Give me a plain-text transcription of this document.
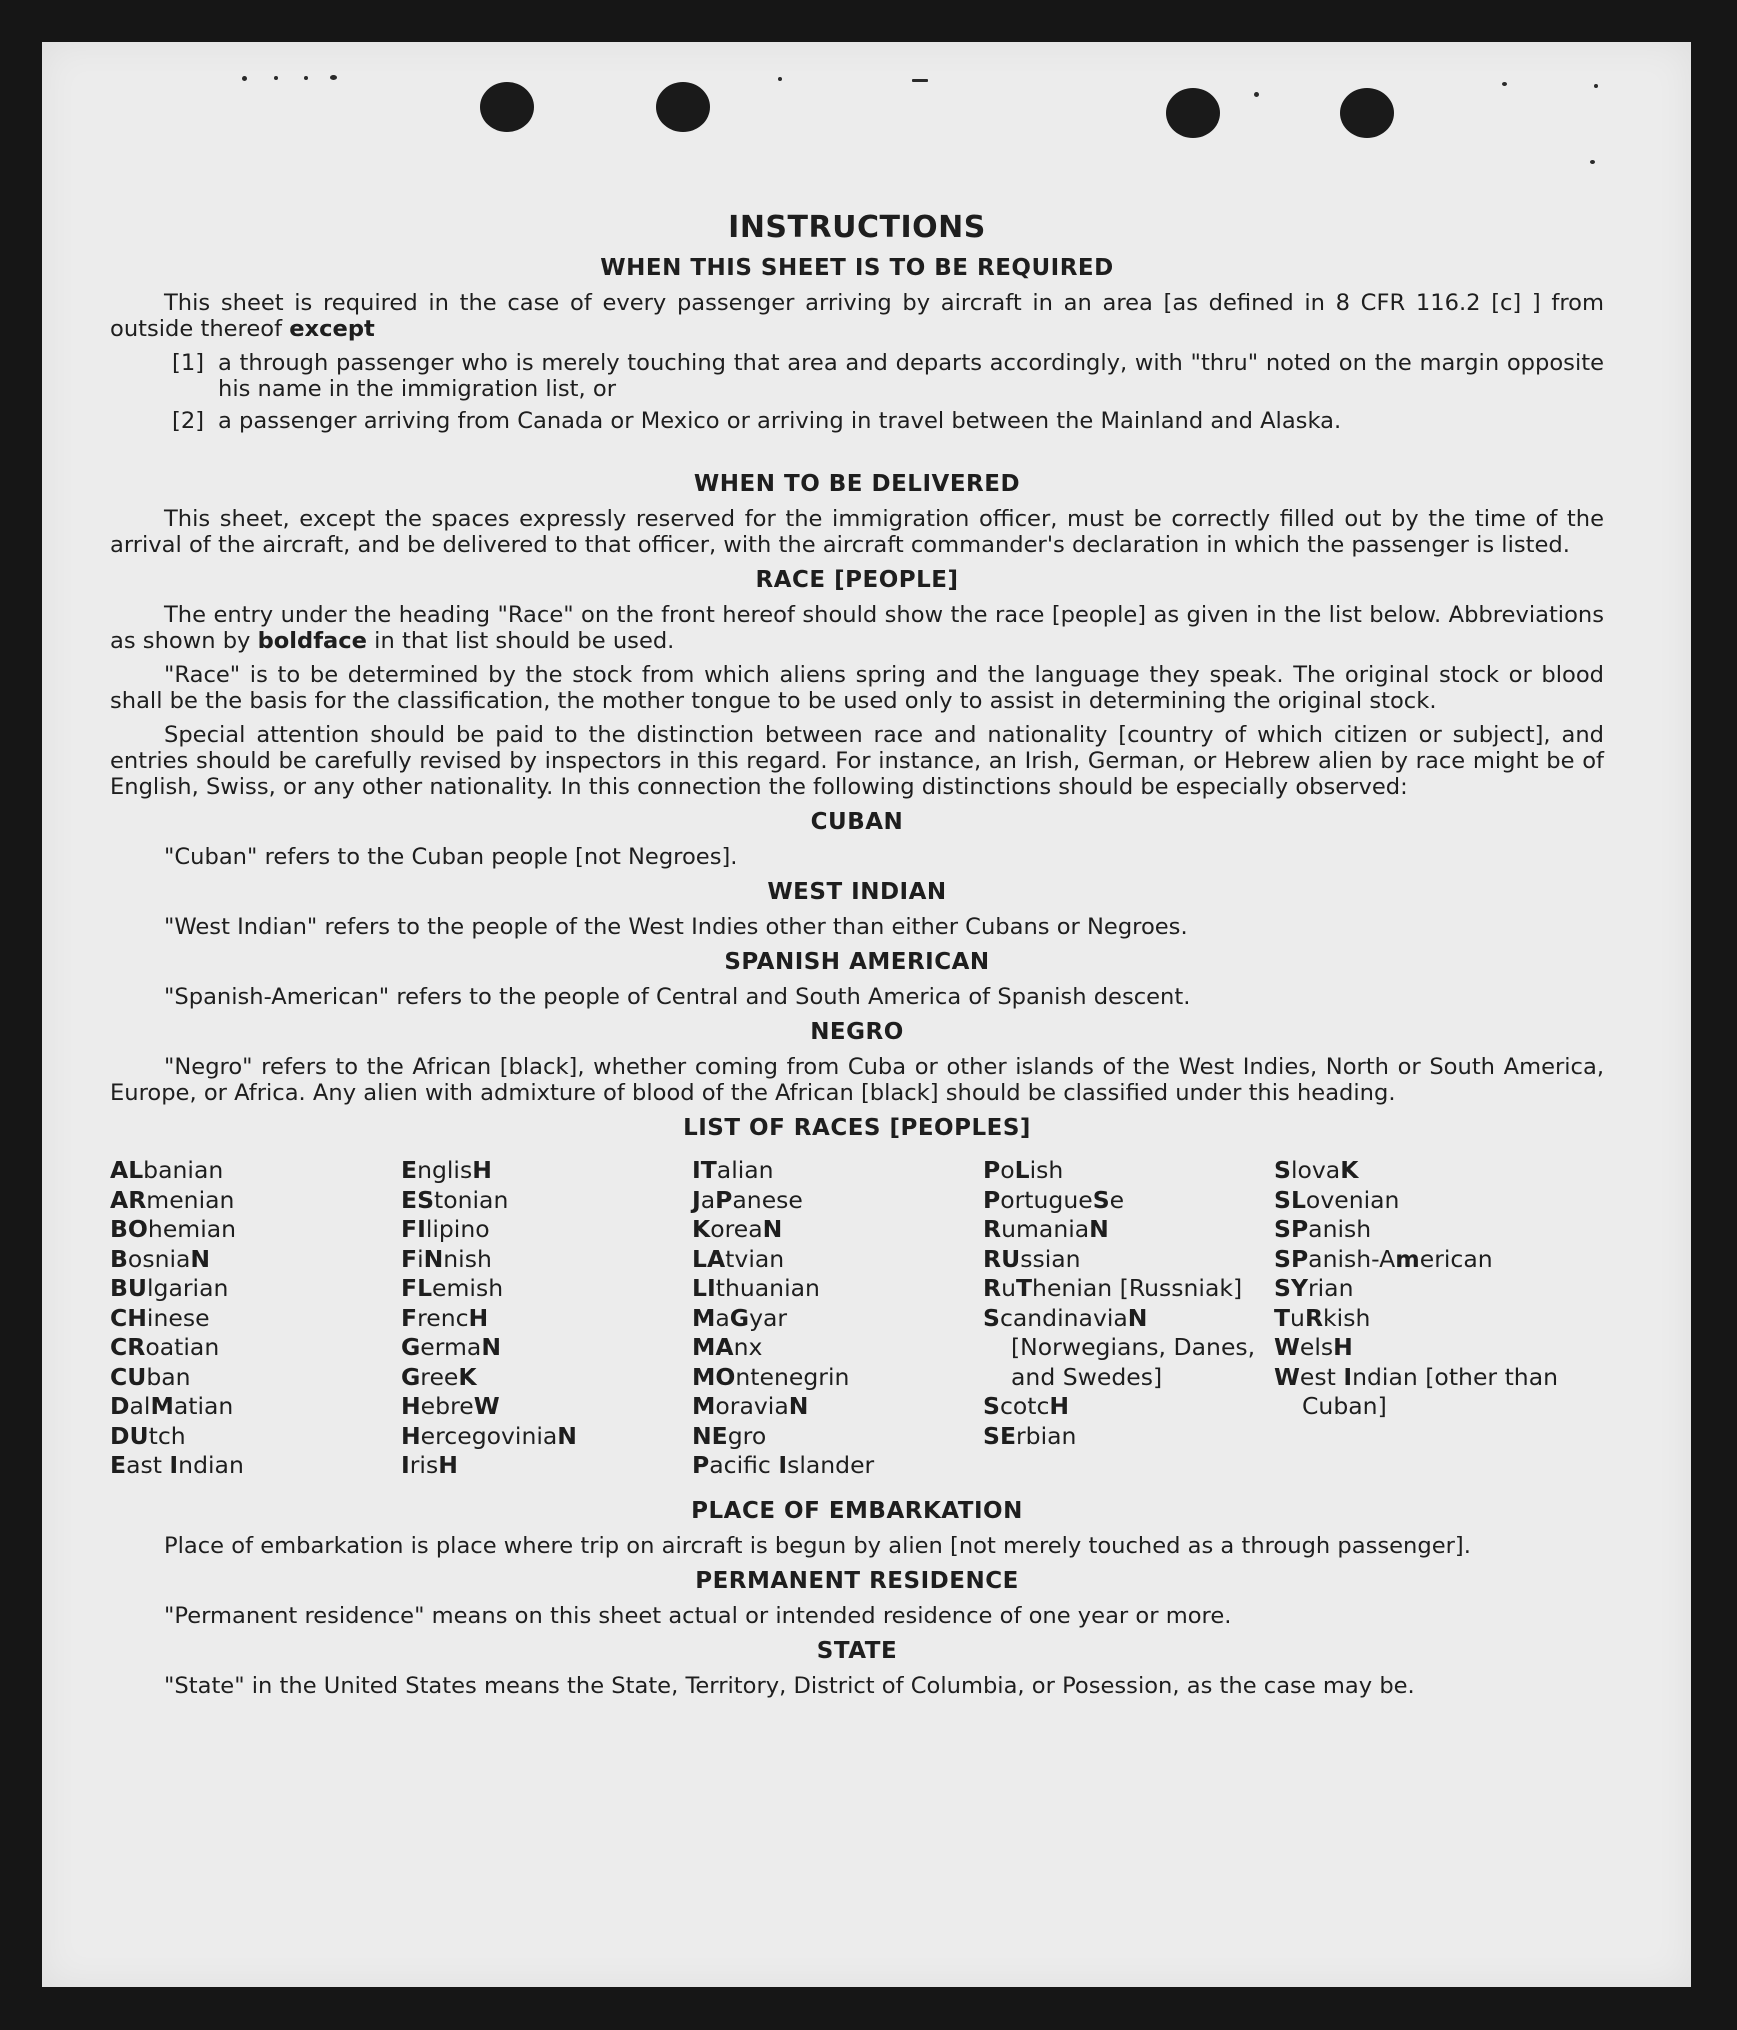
INSTRUCTIONS
WHEN THIS SHEET IS TO BE REQUIRED

This sheet is required in the case of every passenger arriving by aircraft in an area [as defined in 8 CFR 116.2 [c] ] from outside thereof except

[1] a through passenger who is merely touching that area and departs accordingly, with "thru" noted on the margin opposite his name in the immigration list, or
[2] a passenger arriving from Canada or Mexico or arriving in travel between the Mainland and Alaska.
WHEN TO BE DELIVERED

This sheet, except the spaces expressly reserved for the immigration officer, must be correctly filled out by the time of the arrival of the aircraft, and be delivered to that officer, with the aircraft commander's declaration in which the passenger is listed.

RACE [PEOPLE]

The entry under the heading "Race" on the front hereof should show the race [people] as given in the list below. Abbreviations as shown by boldface in that list should be used.

"Race" is to be determined by the stock from which aliens spring and the language they speak. The original stock or blood shall be the basis for the classification, the mother tongue to be used only to assist in determining the original stock.

Special attention should be paid to the distinction between race and nationality [country of which citizen or subject], and entries should be carefully revised by inspectors in this regard. For instance, an Irish, German, or Hebrew alien by race might be of English, Swiss, or any other nationality. In this connection the following distinctions should be especially observed:

CUBAN

"Cuban" refers to the Cuban people [not Negroes].

WEST INDIAN

"West Indian" refers to the people of the West Indies other than either Cubans or Negroes.

SPANISH AMERICAN

"Spanish-American" refers to the people of Central and South America of Spanish descent.

NEGRO

"Negro" refers to the African [black], whether coming from Cuba or other islands of the West Indies, North or South America, Europe, or Africa. Any alien with admixture of blood of the African [black] should be classified under this heading.

LIST OF RACES [PEOPLES]
ALbanian
ARmenian
BOhemian
BosniaN
BUlgarian
CHinese
CRoatian
CUban
DalMatian
DUtch
East Indian
EnglisH
EStonian
FIlipino
FiNnish
FLemish
FrencH
GermaN
GreeK
HebreW
HercegoviniaN
IrisH
ITalian
JaPanese
KoreaN
LAtvian
LIthuanian
MaGyar
MAnx
MOntenegrin
MoraviaN
NEgro
Pacifc Islander
PoLish
PortugueSe
RumaniaN
RUssian
RuThenian [Russniak]
ScandinaviaN [Norwegians, Danes, and Swedes]
ScotcH
SErbian
SlovaK
SLovenian
SPanish
SPanish-American
SYrian
TuRkish
WelsH
West Indian [other than Cuban]
PLACE OF EMBARKATION

Place of embarkation is place where trip on aircraft is begun by alien [not merely touched as a through passenger].

PERMANENT RESIDENCE

"Permanent residence" means on this sheet actual or intended residence of one year or more.

STATE

"State" in the United States means the State, Territory, District of Columbia, or Posession, as the case may be.
